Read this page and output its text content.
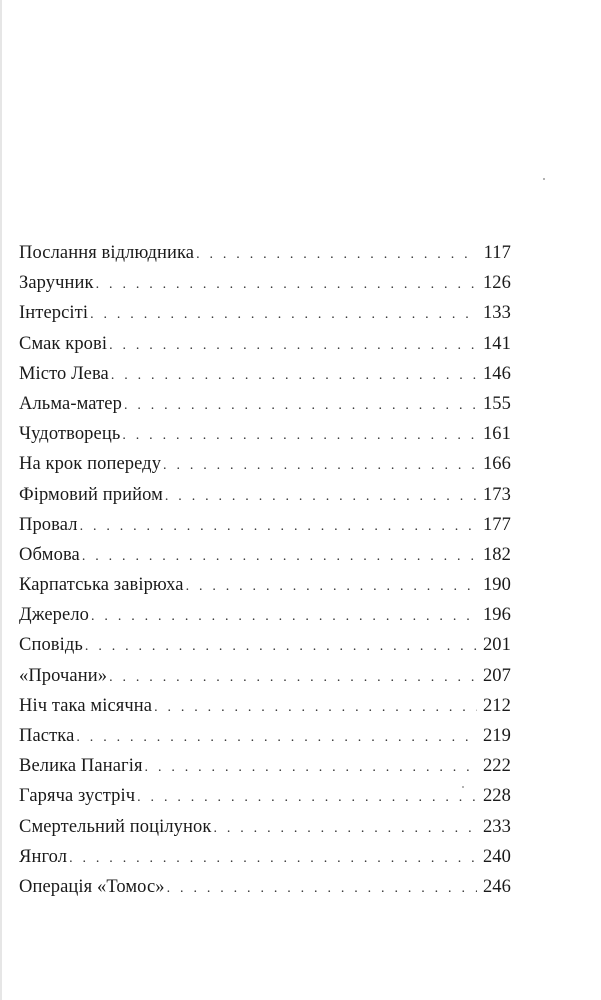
Послання відлюдника . . .	117
Заручник . . .	126
Інтерсіті . . .	133
Смак крові . . .	141
Місто Лева . . .	146
Альма-матер . . .	155
Чудотворець . . .	161
На крок попереду . . .	166
Фірмовий прийом . . .	173
Провал . . .	177
Обмова . . .	182
Карпатська завірюха . . .	190
Джерело . . .	196
Сповідь . . .	201
«Прочани» . . .	207
Ніч така місячна . . .	212
Пастка . . .	219
Велика Панагія . . .	222
Гаряча зустріч . . .	228
Смертельний поцілунок . . .	233
Янгол . . .	240
Операція «Томос» . . .	246
